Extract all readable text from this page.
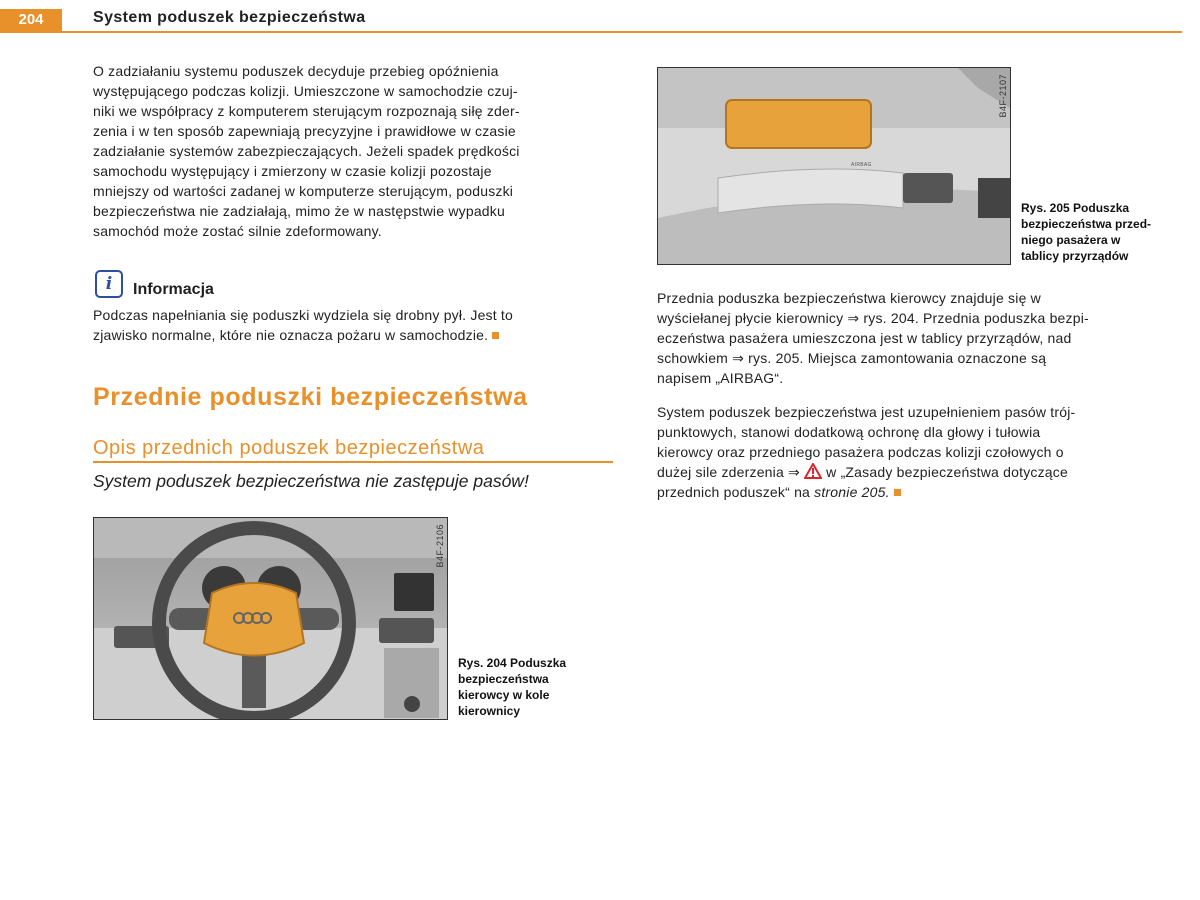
204	System poduszek bezpieczeństwa

O zadziałaniu systemu poduszek decyduje przebieg opóźnienia

występującego podczas kolizji. Umieszczone w samochodzie czuj-

niki we współpracy z komputerem sterującym rozpoznają siłę zder-

zenia i w ten sposób zapewniają precyzyjne i prawidłowe w czasie

zadziałanie systemów zabezpieczających. Jeżeli spadek prędkości

samochodu występujący i zmierzony w czasie kolizji pozostaje

mniejszy od wartości zadanej w komputerze sterującym, poduszki

bezpieczeństwa nie zadziałają, mimo że w następstwie wypadku

samochód może zostać silnie zdeformowany.

i	Informacja

Podczas napełniania się poduszki wydziela się drobny pył. Jest to

zjawisko normalne, które nie oznacza pożaru w samochodzie.

Przednie poduszki bezpieczeństwa
Opis przednich poduszek bezpieczeństwa
System poduszek bezpieczeństwa nie zastępuje pasów!
B4F-2106
Rys. 204 Poduszka
bezpieczeństwa
kierowcy w kole
kierownicy
AIRBAG
B4F-2107
Rys. 205 Poduszka
bezpieczeństwa przed-
niego pasażera w
tablicy przyrządów

Przednia poduszka bezpieczeństwa kierowcy znajduje się w

wyściełanej płycie kierownicy ⇒ rys. 204. Przednia poduszka bezpi-

eczeństwa pasażera umieszczona jest w tablicy przyrządów, nad

schowkiem ⇒ rys. 205. Miejsca zamontowania oznaczone są

napisem „AIRBAG“.

System poduszek bezpieczeństwa jest uzupełnieniem pasów trój-

punktowych, stanowi dodatkową ochronę dla głowy i tułowia

kierowcy oraz przedniego pasażera podczas kolizji czołowych o

dużej sile zderzenia ⇒  w „Zasady bezpieczeństwa dotyczące

przednich poduszek“ na stronie 205.
